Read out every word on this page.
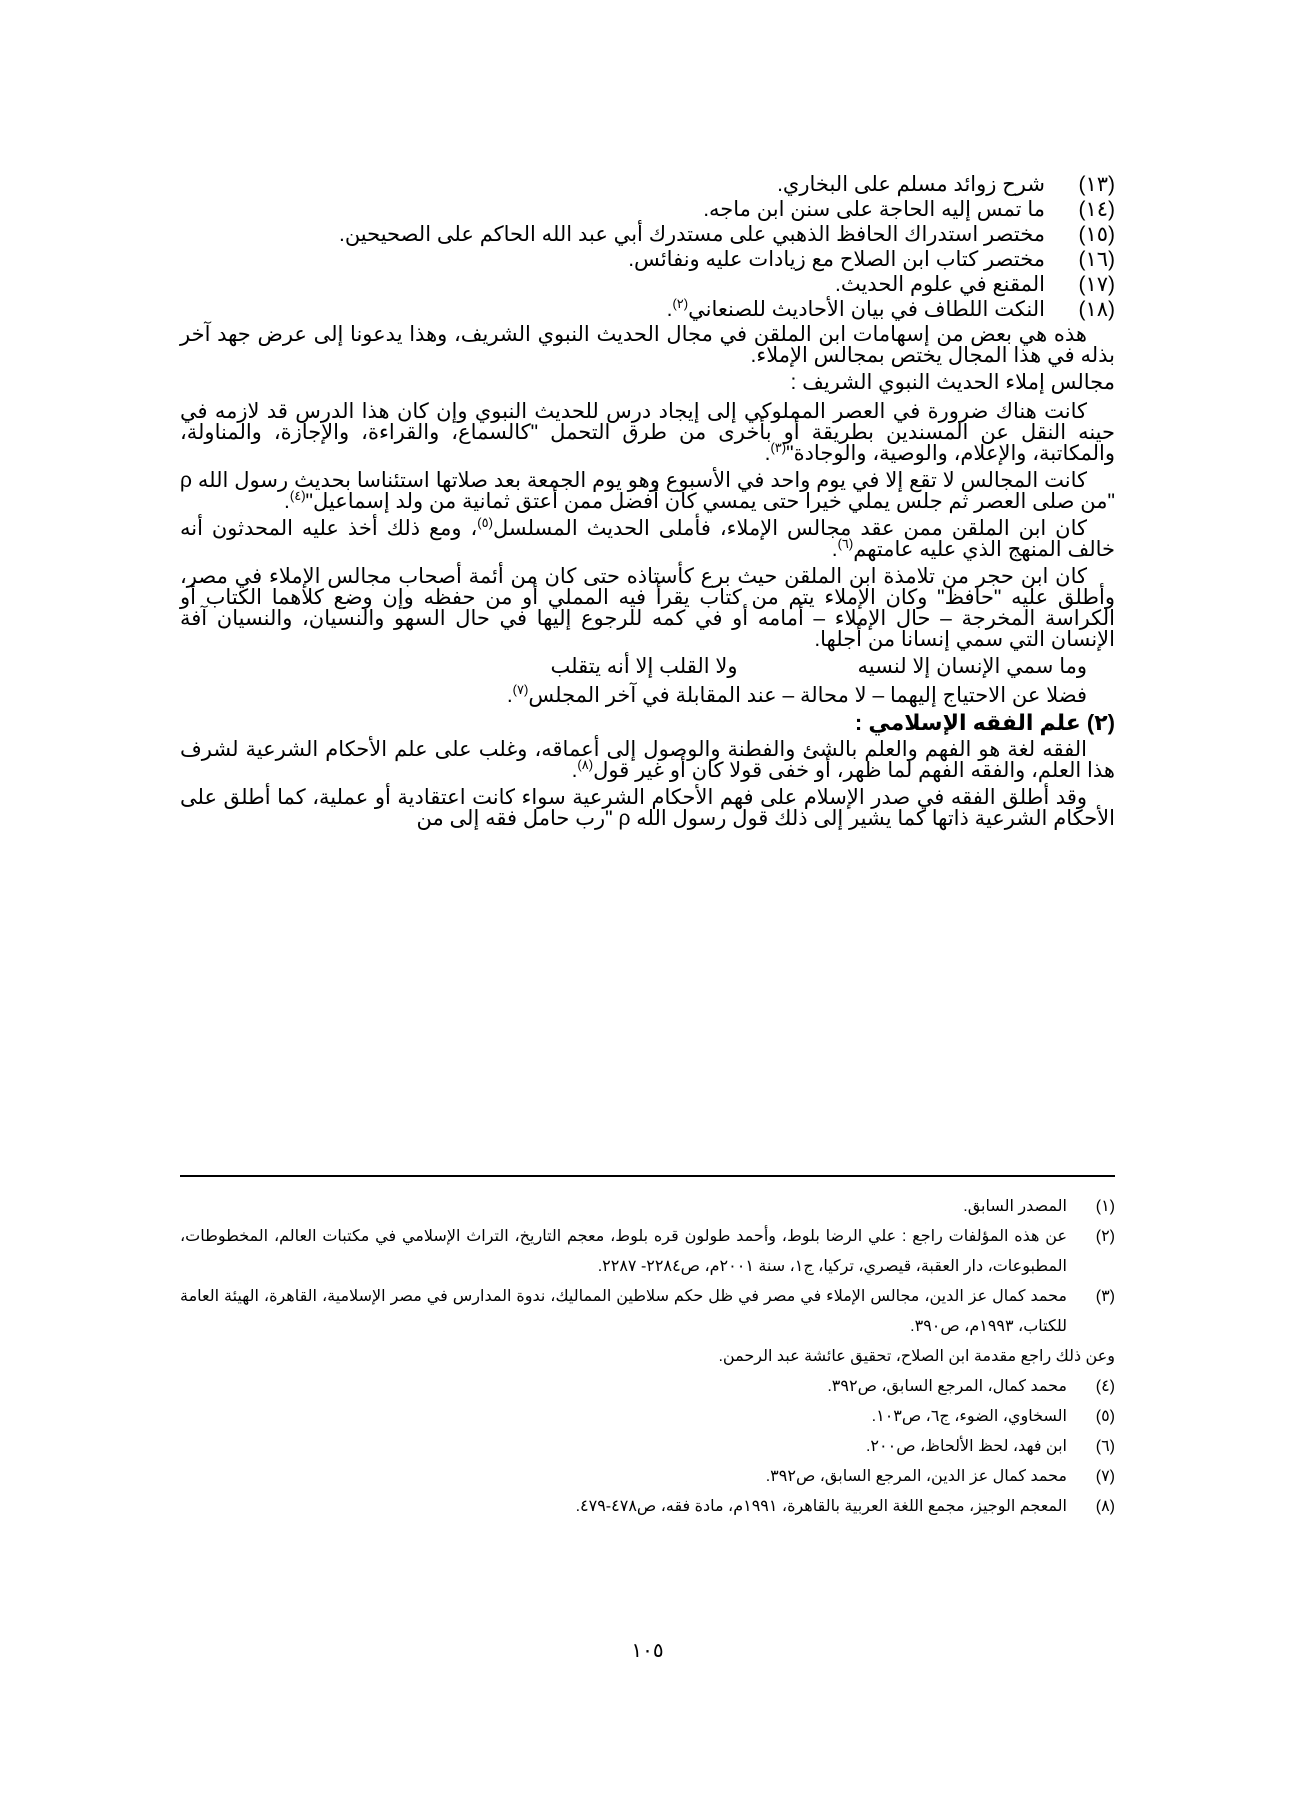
(١٣)
شرح زوائد مسلم على البخاري.
(١٤)
ما تمس إليه الحاجة على سنن ابن ماجه.
(١٥)
مختصر استدراك الحافظ الذهبي على مستدرك أبي عبد الله الحاكم على الصحيحين.
(١٦)
مختصر كتاب ابن الصلاح مع زيادات عليه ونفائس.
(١٧)
المقنع في علوم الحديث.
(١٨)
النكت اللطاف في بيان الأحاديث للصنعاني$^{(٢)}$.

هذه هي بعض من إسهامات ابن الملقن في مجال الحديث النبوي الشريف، وهذا يدعونا إلى عرض جهد آخر بذله في هذا المجال يختص بمجالس الإملاء.

مجالس إملاء الحديث النبوي الشريف :

كانت هناك ضرورة في العصر المملوكي إلى إيجاد درس للحديث النبوي وإن كان هذا الدرس قد لازمه في حينه النقل عن المسندين بطريقة أو بأخرى من طرق التحمل "كالسماع، والقراءة، والإجازة، والمناولة، والمكاتبة، والإعلام، والوصية، والوجادة"$^{(٣)}$.

كانت المجالس لا تقع إلا في يوم واحد في الأسبوع وهو يوم الجمعة بعد صلاتها استئناسا بحديث رسول الله ρ "من صلى العصر ثم جلس يملي خيرا حتى يمسي كان أفضل ممن أعتق ثمانية من ولد إسماعيل"$^{(٤)}$.

كان ابن الملقن ممن عقد مجالس الإملاء، فأملى الحديث المسلسل$^{(٥)}$، ومع ذلك أخذ عليه المحدثون أنه خالف المنهج الذي عليه عامتهم$^{(٦)}$.

كان ابن حجر من تلامذة ابن الملقن حيث برع كأستاذه حتى كان من أئمة أصحاب مجالس الإملاء في مصر، وأطلق عليه "حافظ" وكان الإملاء يتم من كتاب يقرأ فيه المملي أو من حفظه وإن وضع كلاهما الكتاب أو الكراسة المخرجة – حال الإملاء – أمامه أو في كمه للرجوع إليها في حال السهو والنسيان، والنسيان آفة الإنسان التي سمي إنسانا من أجلها.

وما سمي الإنسان إلا لنسيه
ولا القلب إلا أنه يتقلب

فضلا عن الاحتياج إليهما – لا محالة – عند المقابلة في آخر المجلس$^{(٧)}$.

(٢) علم الفقه الإسلامي :

الفقه لغة هو الفهم والعلم بالشئ والفطنة والوصول إلى أعماقه، وغلب على علم الأحكام الشرعية لشرف هذا العلم، والفقه الفهم لما ظهر، أو خفى قولا كان أو غير قول$^{(٨)}$.

وقد أطلق الفقه في صدر الإسلام على فهم الأحكام الشرعية سواء كانت اعتقادية أو عملية، كما أطلق على الأحكام الشرعية ذاتها كما يشير إلى ذلك قول رسول الله ρ "رب حامل فقه إلى من

(١)
المصدر السابق.
(٢)
عن هذه المؤلفات راجع : علي الرضا بلوط، وأحمد طولون قره بلوط، معجم التاريخ، التراث الإسلامي في مكتبات العالم، المخطوطات، المطبوعات، دار العقبة، قيصري، تركيا، ج١، سنة ٢٠٠١م، ص٢٢٨٤- ٢٢٨٧.
(٣)
محمد كمال عز الدين، مجالس الإملاء في مصر في ظل حكم سلاطين المماليك، ندوة المدارس في مصر الإسلامية، القاهرة، الهيئة العامة للكتاب، ١٩٩٣م، ص٣٩٠.
وعن ذلك راجع مقدمة ابن الصلاح، تحقيق عائشة عبد الرحمن.
(٤)
محمد كمال، المرجع السابق، ص٣٩٢.
(٥)
السخاوي، الضوء، ج٦، ص١٠٣.
(٦)
ابن فهد، لحظ الألحاظ، ص٢٠٠.
(٧)
محمد كمال عز الدين، المرجع السابق، ص٣٩٢.
(٨)
المعجم الوجيز، مجمع اللغة العربية بالقاهرة، ١٩٩١م، مادة فقه، ص٤٧٨-٤٧٩.
١٠٥
